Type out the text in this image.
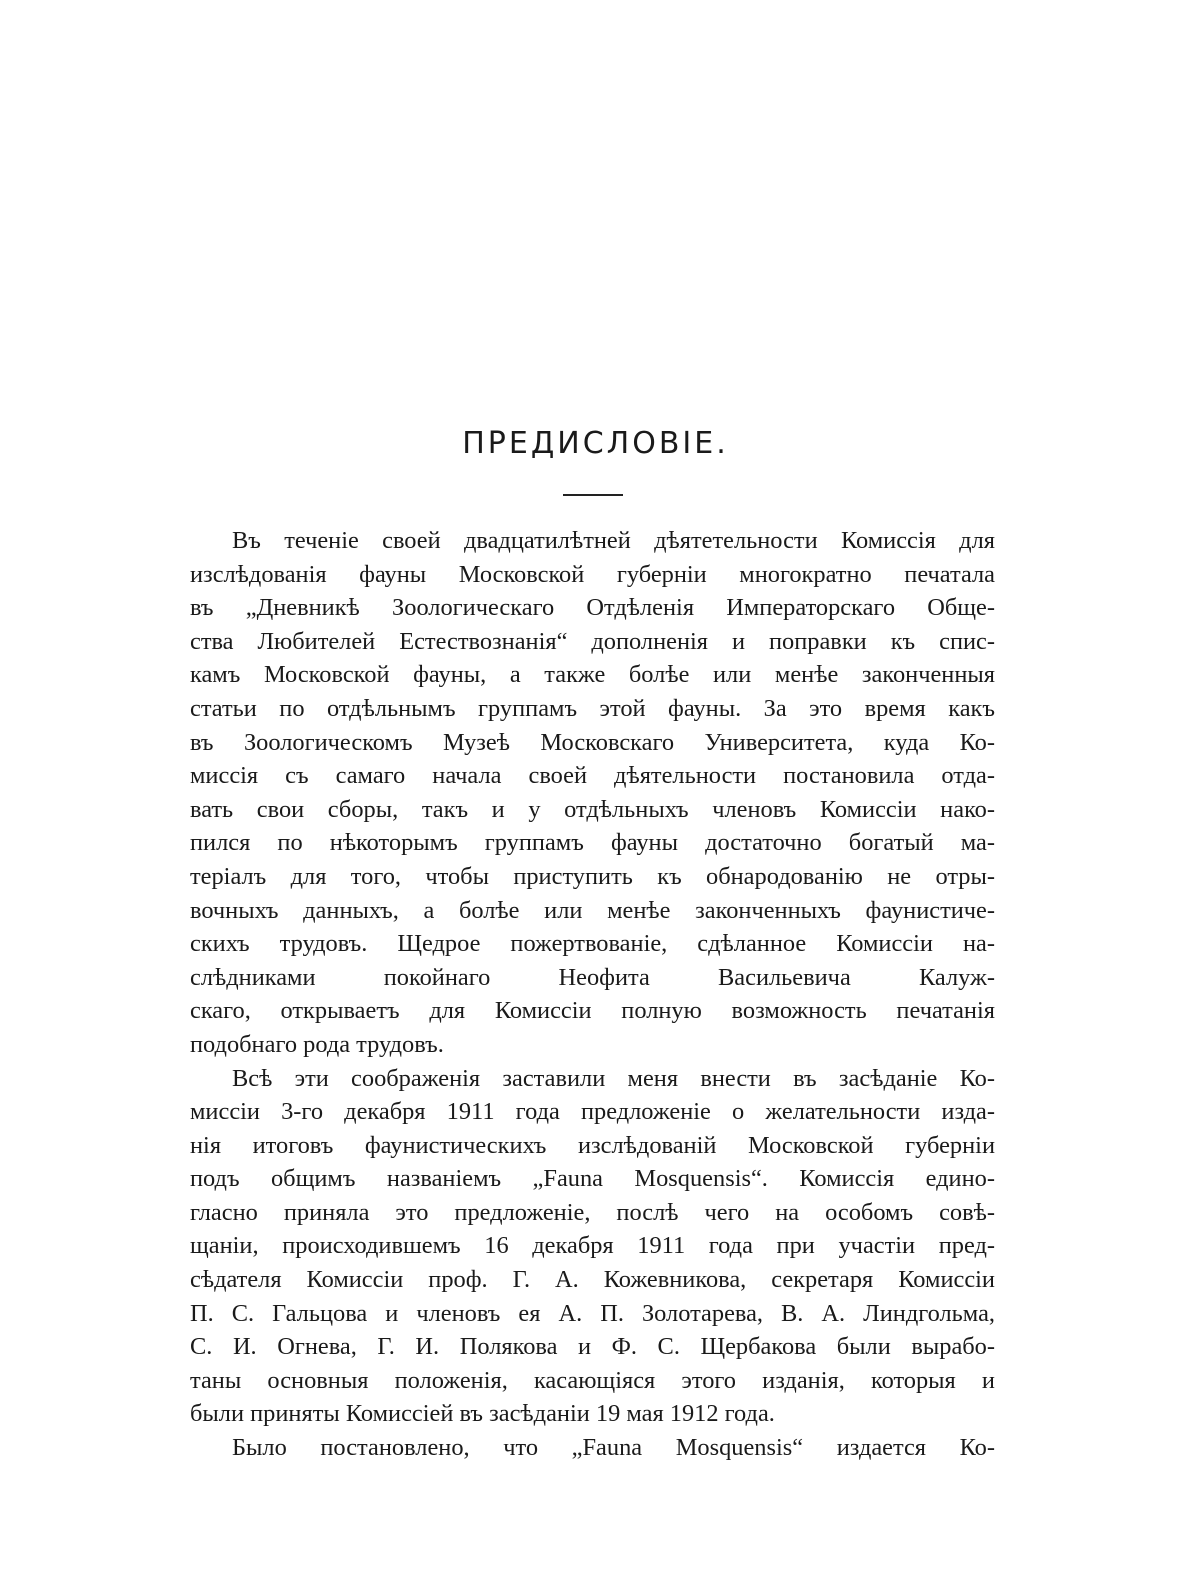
ПРЕДИСЛОВIE.
Въ теченіе своей двадцатилѣтней дѣятетельности Комиссія для
изслѣдованія фауны Московской губерніи многократно печатала
въ „Дневникѣ Зоологическаго Отдѣленія Императорскаго Обще-
ства Любителей Естествознанія“ дополненія и поправки къ спис-
камъ Московской фауны, а также болѣе или менѣе законченныя
статьи по отдѣльнымъ группамъ этой фауны. За это время какъ
въ Зоологическомъ Музеѣ Московскаго Университета, куда Ко-
миссія съ самаго начала своей дѣятельности постановила отда-
вать свои сборы, такъ и у отдѣльныхъ членовъ Комиссіи нако-
пился по нѣкоторымъ группамъ фауны достаточно богатый ма-
теріалъ для того, чтобы приступить къ обнародованію не отры-
вочныхъ данныхъ, а болѣе или менѣе законченныхъ фаунистиче-
скихъ трудовъ. Щедрое пожертвованіе, сдѣланное Комиссіи на-
слѣдниками покойнаго Неофита Васильевича Калуж-
скаго, открываетъ для Комиссіи полную возможность печатанія
подобнаго рода трудовъ.
Всѣ эти соображенія заставили меня внести въ засѣданіе Ко-
миссіи 3-го декабря 1911 года предложеніе о желательности изда-
нія итоговъ фаунистическихъ изслѣдованій Московской губерніи
подъ общимъ названіемъ „Fauna Mosquensis“. Комиссія едино-
гласно приняла это предложеніе, послѣ чего на особомъ совѣ-
щаніи, происходившемъ 16 декабря 1911 года при участіи пред-
сѣдателя Комиссіи проф. Г. А. Кожевникова, секретаря Комиссіи
П. С. Гальцова и членовъ ея А. П. Золотарева, В. А. Линдгольма,
С. И. Огнева, Г. И. Полякова и Ф. С. Щербакова были вырабо-
таны основныя положенія, касающіяся этого изданія, которыя и
были приняты Комиссіей въ засѣданіи 19 мая 1912 года.
Было постановлено, что „Fauna Mosquensis“ издается Ко-
